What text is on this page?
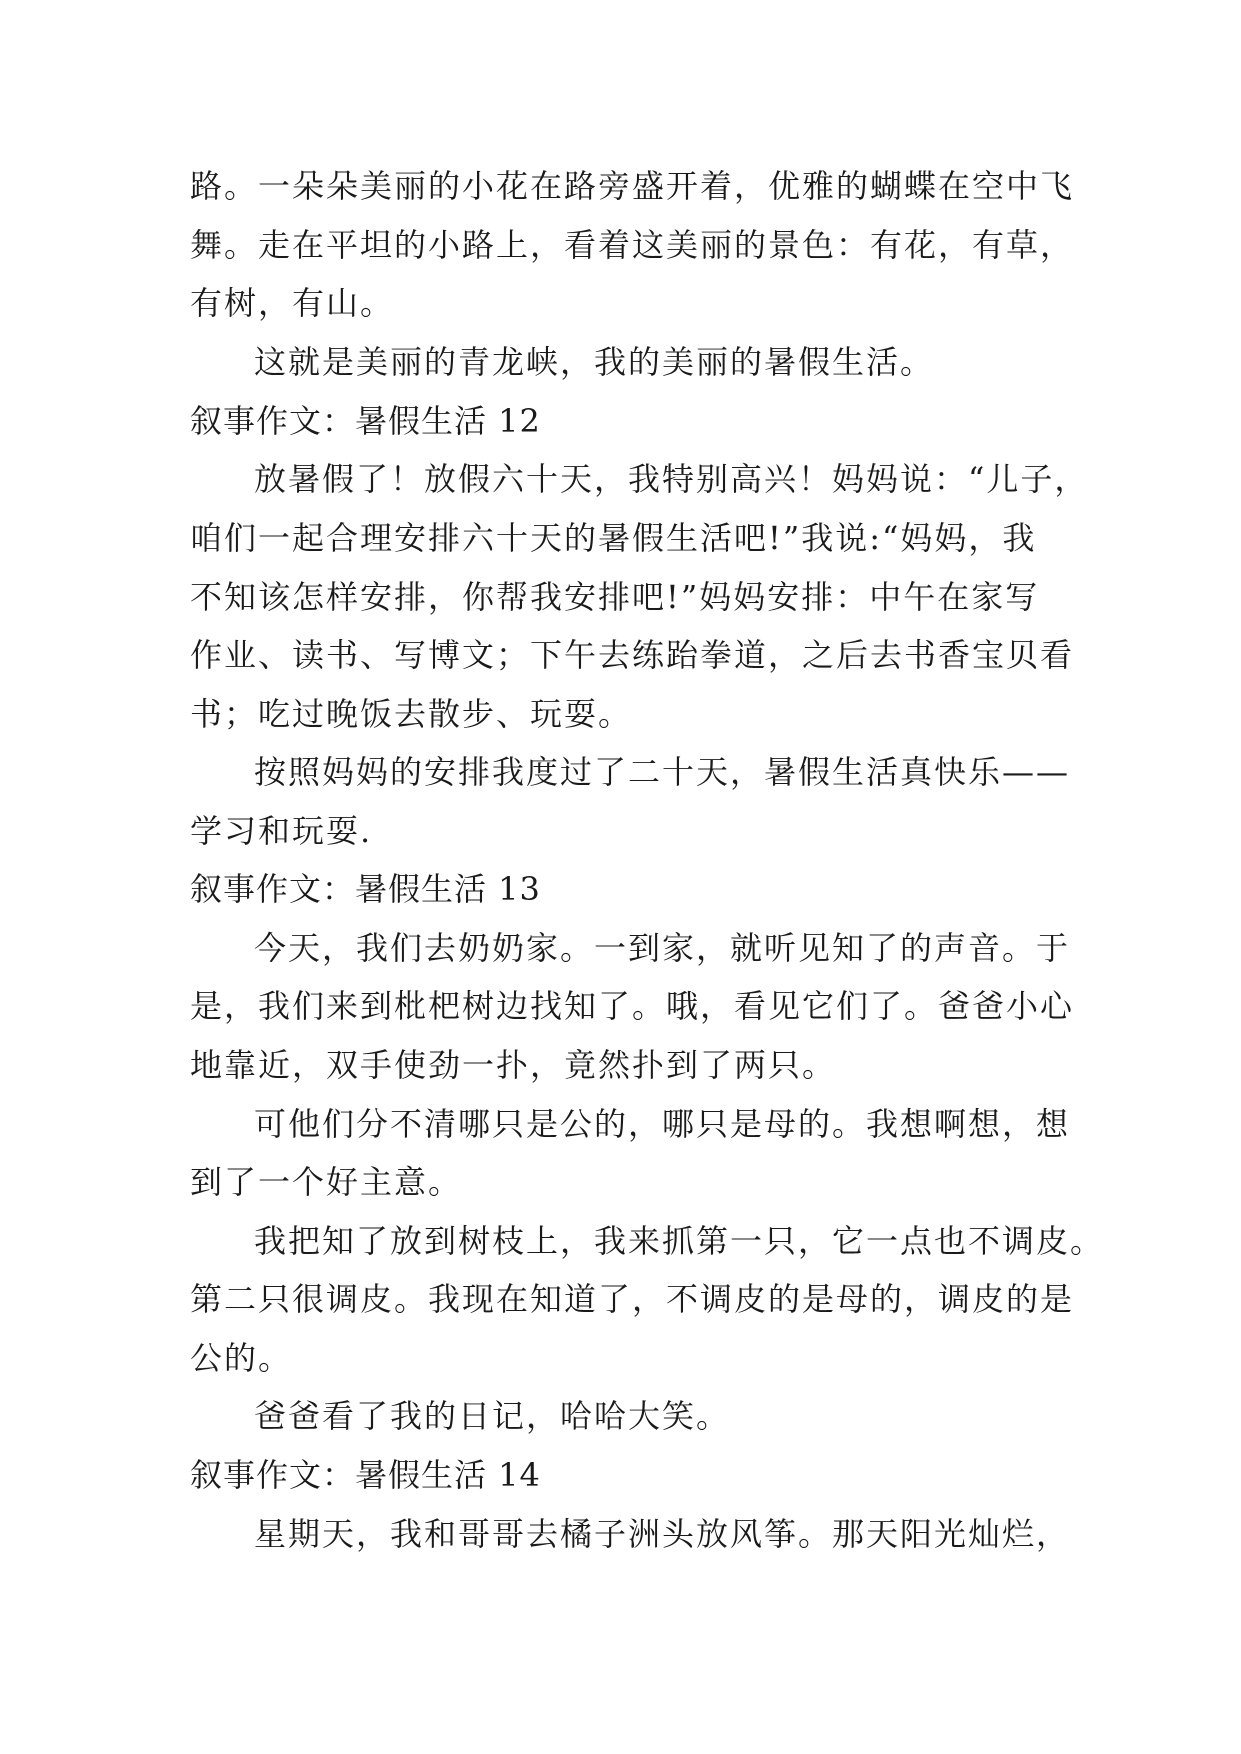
路。一朵朵美丽的小花在路旁盛开着，优雅的蝴蝶在空中飞
舞。走在平坦的小路上，看着这美丽的景色：有花，有草，
有树，有山。
这就是美丽的青龙峡，我的美丽的暑假生活。
叙事作文：暑假生活 12
放暑假了！放假六十天，我特别高兴！妈妈说：“儿子，
咱们一起合理安排六十天的暑假生活吧!”我说:“妈妈，我
不知该怎样安排，你帮我安排吧!”妈妈安排：中午在家写
作业、读书、写博文；下午去练跆拳道，之后去书香宝贝看
书；吃过晚饭去散步、玩耍。
按照妈妈的安排我度过了二十天，暑假生活真快乐——
学习和玩耍.
叙事作文：暑假生活 13
今天，我们去奶奶家。一到家，就听见知了的声音。于
是，我们来到枇杷树边找知了。哦，看见它们了。爸爸小心
地靠近，双手使劲一扑，竟然扑到了两只。
可他们分不清哪只是公的，哪只是母的。我想啊想，想
到了一个好主意。
我把知了放到树枝上，我来抓第一只，它一点也不调皮。
第二只很调皮。我现在知道了，不调皮的是母的，调皮的是
公的。
爸爸看了我的日记，哈哈大笑。
叙事作文：暑假生活 14
星期天，我和哥哥去橘子洲头放风筝。那天阳光灿烂，
